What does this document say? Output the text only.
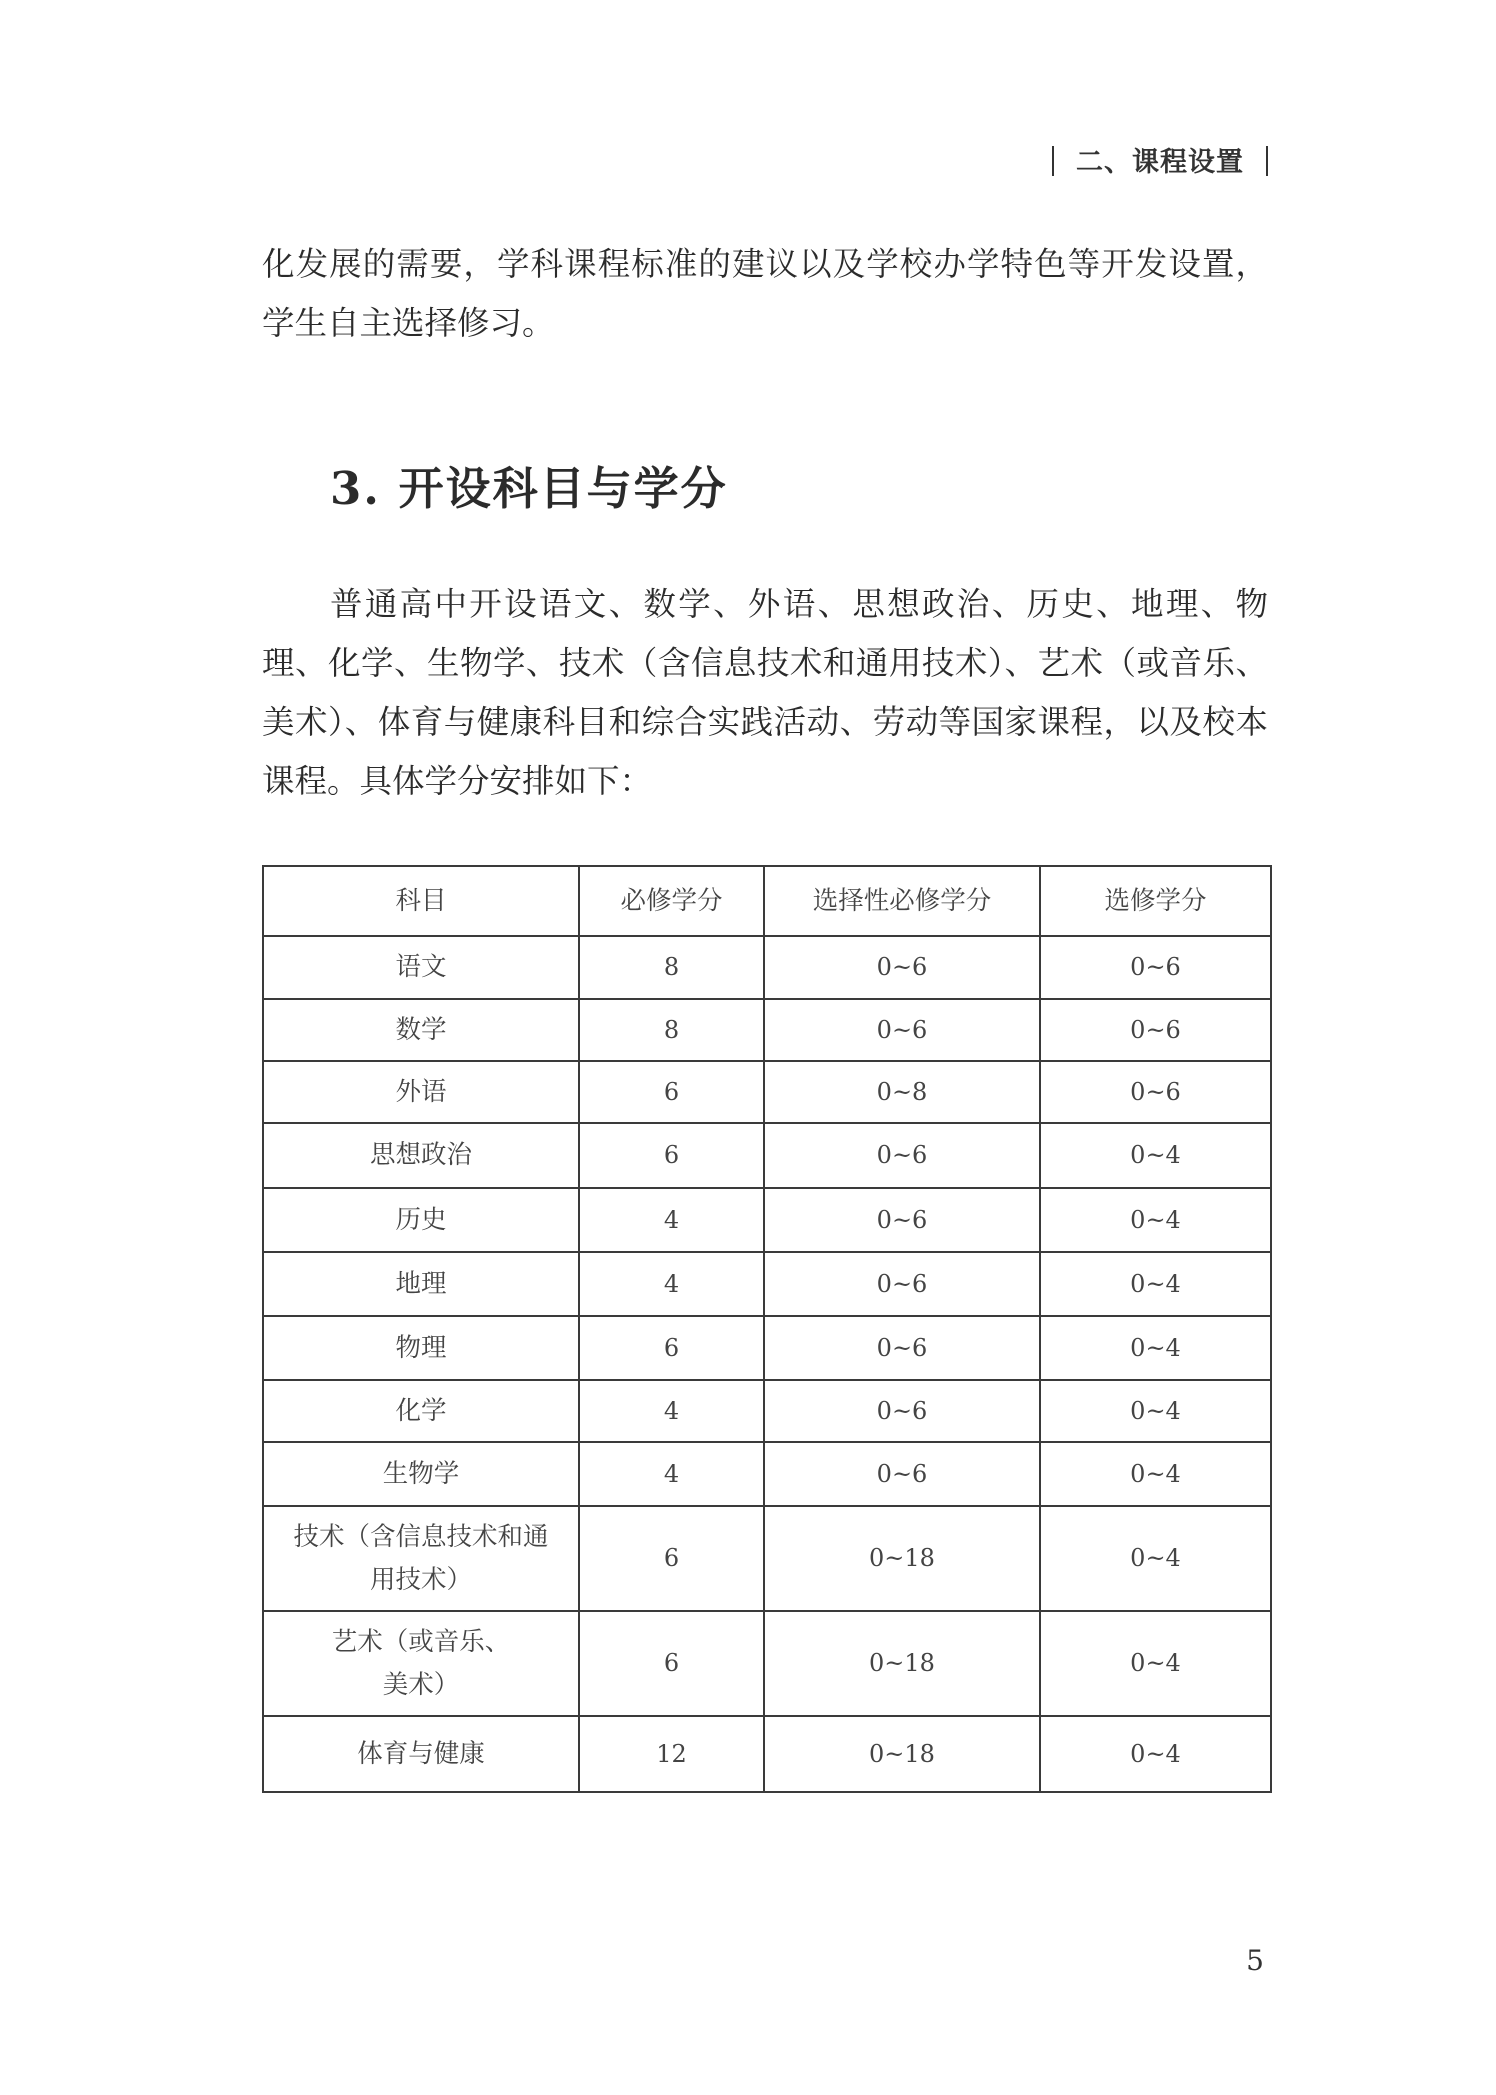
二、课程设置
化发展的需要，学科课程标准的建议以及学校办学特色等开发设置，学生自主选择修习。
3. 开设科目与学分
普通高中开设语文、数学、外语、思想政治、历史、地理、物理、化学、生物学、技术（含信息技术和通用技术）、艺术（或音乐、美术）、体育与健康科目和综合实践活动、劳动等国家课程，以及校本课程。具体学分安排如下：
科目	必修学分	选择性必修学分	选修学分
语文	8	0~6	0~6
数学	8	0~6	0~6
外语	6	0~8	0~6
思想政治	6	0~6	0~4
历史	4	0~6	0~4
地理	4	0~6	0~4
物理	6	0~6	0~4
化学	4	0~6	0~4
生物学	4	0~6	0~4
技术（含信息技术和通
用技术）	6	0~18	0~4
艺术（或音乐、
美术）	6	0~18	0~4
体育与健康	12	0~18	0~4
5
